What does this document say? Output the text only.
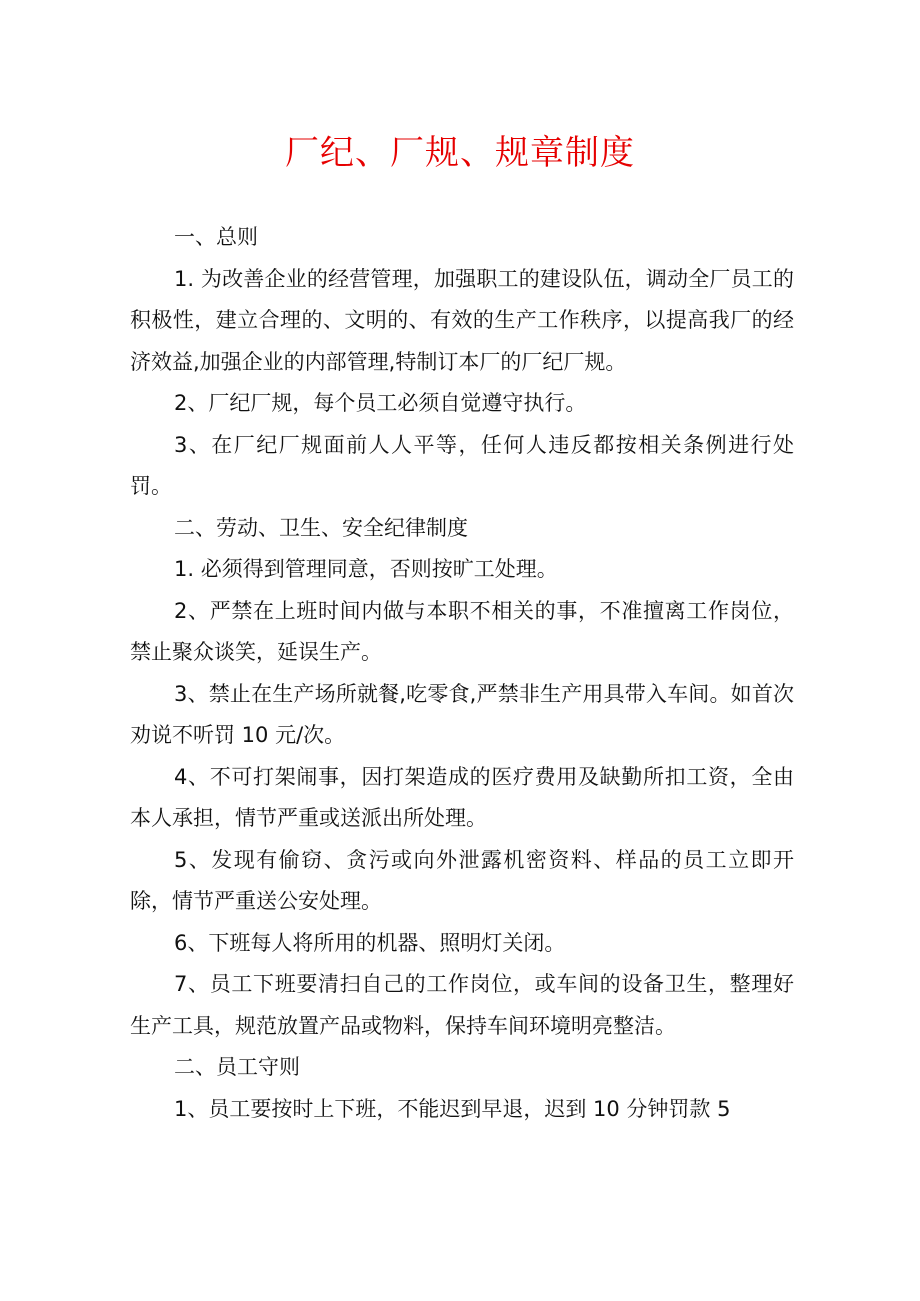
厂纪、厂规、规章制度

一、总则

1. 为改善企业的经营管理，加强职工的建设队伍，调动全厂员工的积极性，建立合理的、文明的、有效的生产工作秩序，以提高我厂的经济效益,加强企业的内部管理,特制订本厂的厂纪厂规。

2、厂纪厂规，每个员工必须自觉遵守执行。

3、在厂纪厂规面前人人平等，任何人违反都按相关条例进行处罚。

二、劳动、卫生、安全纪律制度

1. 必须得到管理同意，否则按旷工处理。

2、严禁在上班时间内做与本职不相关的事，不准擅离工作岗位，禁止聚众谈笑，延误生产。

3、禁止在生产场所就餐,吃零食,严禁非生产用具带入车间。如首次劝说不听罚 10 元/次。

4、不可打架闹事，因打架造成的医疗费用及缺勤所扣工资，全由本人承担，情节严重或送派出所处理。

5、发现有偷窃、贪污或向外泄露机密资料、样品的员工立即开除，情节严重送公安处理。

6、下班每人将所用的机器、照明灯关闭。

7、员工下班要清扫自己的工作岗位，或车间的设备卫生，整理好生产工具，规范放置产品或物料，保持车间环境明亮整洁。

二、员工守则

1、员工要按时上下班，不能迟到早退，迟到 10 分钟罚款 5
